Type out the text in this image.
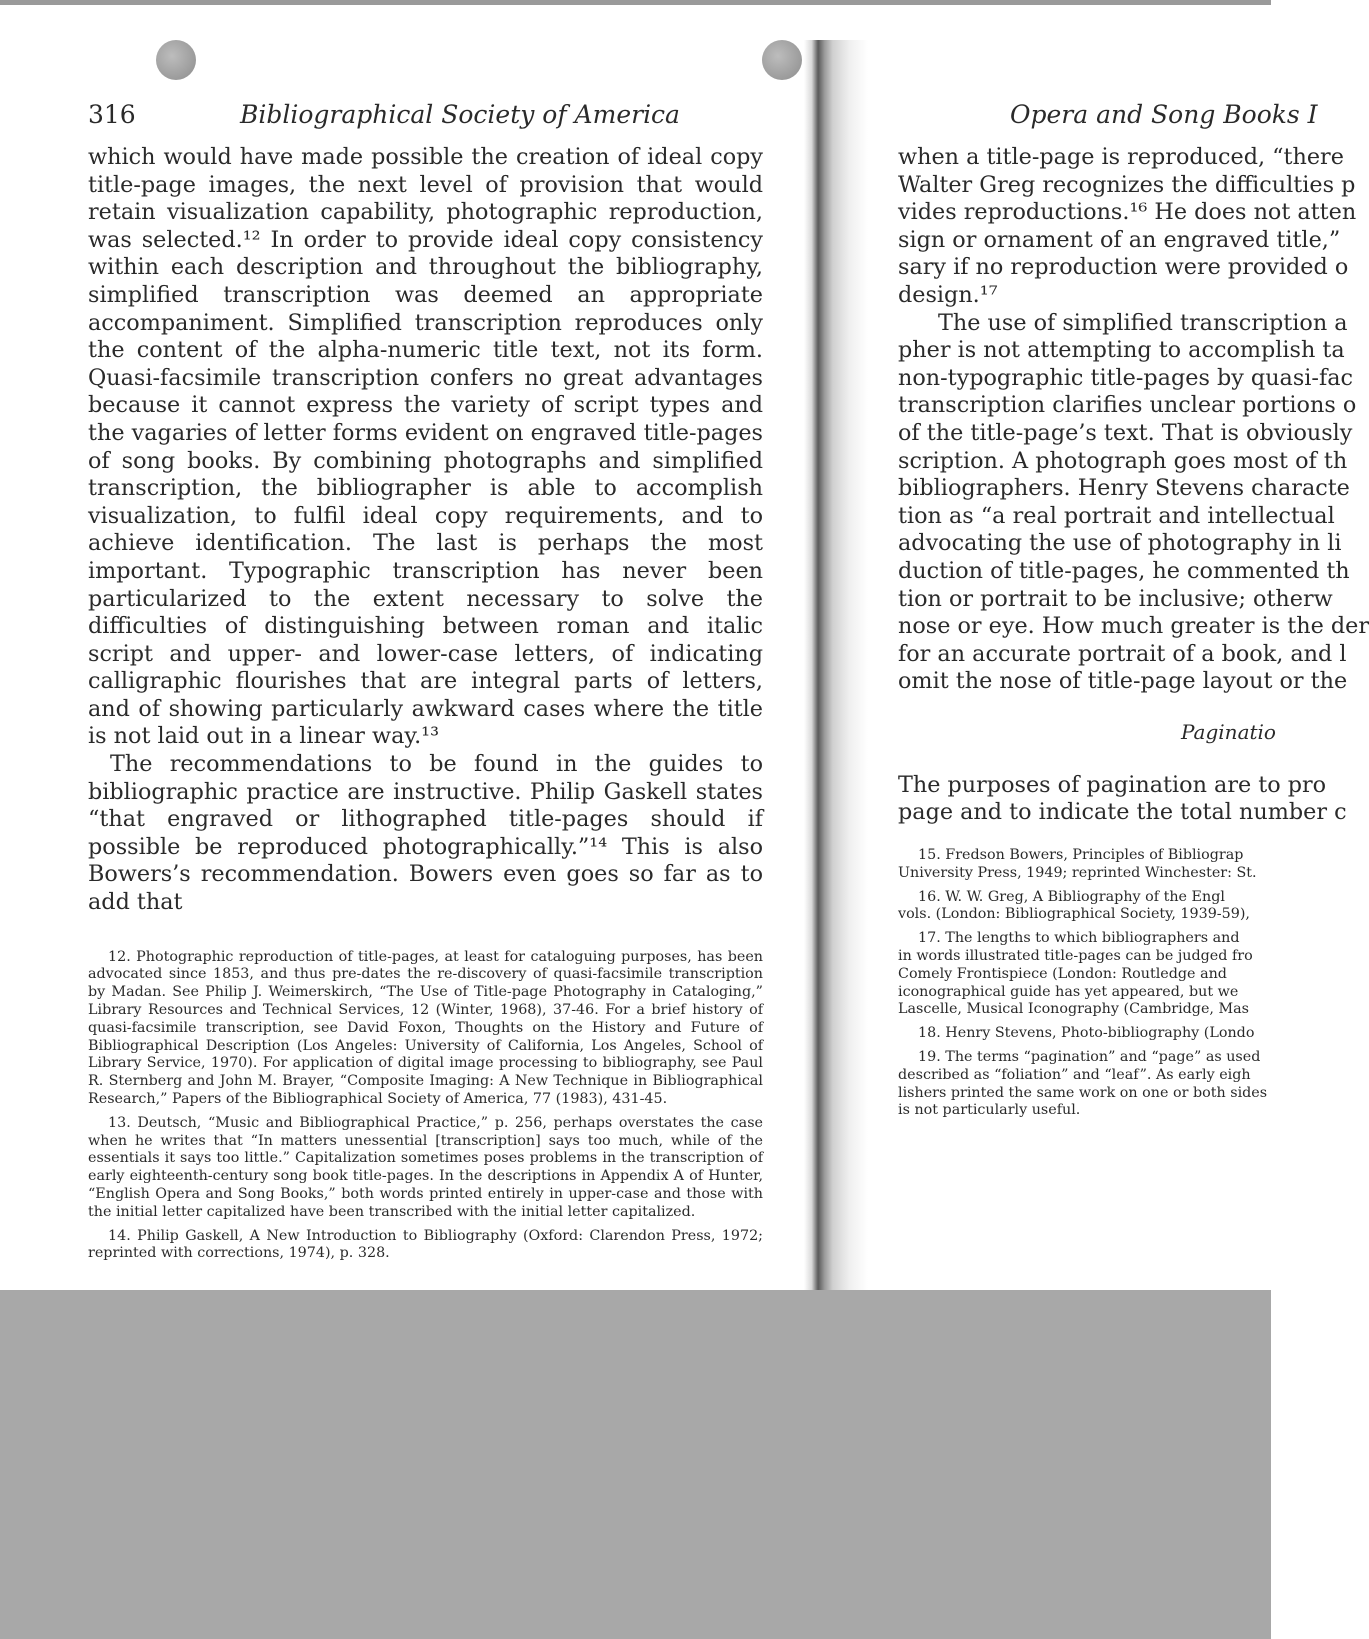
316	Bibliographical Society of America

which would have made possible the creation of ideal copy title-page images, the next level of provision that would retain visualization capability, photographic reproduction, was selected.¹² In order to provide ideal copy consistency within each description and throughout the bibliography, simplified transcription was deemed an appropriate accompaniment. Simplified transcription reproduces only the content of the alpha-numeric title text, not its form. Quasi-facsimile transcription confers no great advantages because it cannot express the variety of script types and the vagaries of letter forms evident on engraved title-pages of song books. By combining photographs and simplified transcription, the bibliographer is able to accomplish visualization, to fulfil ideal copy requirements, and to achieve identification. The last is perhaps the most important. Typographic transcription has never been particularized to the extent necessary to solve the difficulties of distinguishing between roman and italic script and upper- and lower-case letters, of indicating calligraphic flourishes that are integral parts of letters, and of showing particularly awkward cases where the title is not laid out in a linear way.¹³

The recommendations to be found in the guides to bibliographic practice are instructive. Philip Gaskell states “that engraved or lithographed title-pages should if possible be reproduced photographically.”¹⁴ This is also Bowers’s recommendation. Bowers even goes so far as to add that

12. Photographic reproduction of title-pages, at least for cataloguing purposes, has been advocated since 1853, and thus pre-dates the re-discovery of quasi-facsimile transcription by Madan. See Philip J. Weimerskirch, “The Use of Title-page Photography in Cataloging,” Library Resources and Technical Services, 12 (Winter, 1968), 37-46. For a brief history of quasi-facsimile transcription, see David Foxon, Thoughts on the History and Future of Bibliographical Description (Los Angeles: University of California, Los Angeles, School of Library Service, 1970). For application of digital image processing to bibliography, see Paul R. Sternberg and John M. Brayer, “Composite Imaging: A New Technique in Bibliographical Research,” Papers of the Bibliographical Society of America, 77 (1983), 431-45.

13. Deutsch, “Music and Bibliographical Practice,” p. 256, perhaps overstates the case when he writes that “In matters unessential [transcription] says too much, while of the essentials it says too little.” Capitalization sometimes poses problems in the transcription of early eighteenth-century song book title-pages. In the descriptions in Appendix A of Hunter, “English Opera and Song Books,” both words printed entirely in upper-case and those with the initial letter capitalized have been transcribed with the initial letter capitalized.

14. Philip Gaskell, A New Introduction to Bibliography (Oxford: Clarendon Press, 1972; reprinted with corrections, 1974), p. 328.

Opera and Song Books I
when a title-page is reproduced, “there
Walter Greg recognizes the difficulties p
vides reproductions.¹⁶ He does not atten
sign or ornament of an engraved title,”
sary if no reproduction were provided o
design.¹⁷
The use of simplified transcription a
pher is not attempting to accomplish ta
non-typographic title-pages by quasi-fac
transcription clarifies unclear portions o
of the title-page’s text. That is obviously
scription. A photograph goes most of th
bibliographers. Henry Stevens characte
tion as “a real portrait and intellectual
advocating the use of photography in li
duction of title-pages, he commented th
tion or portrait to be inclusive; otherw
nose or eye. How much greater is the der
for an accurate portrait of a book, and l
omit the nose of title-page layout or the
Paginatio
The purposes of pagination are to pro
page and to indicate the total number c
15. Fredson Bowers, Principles of Bibliograp
University Press, 1949; reprinted Winchester: St.
16. W. W. Greg, A Bibliography of the Engl
vols. (London: Bibliographical Society, 1939-59),
17. The lengths to which bibliographers and
in words illustrated title-pages can be judged fro
Comely Frontispiece (London: Routledge and
iconographical guide has yet appeared, but we
Lascelle, Musical Iconography (Cambridge, Mas
18. Henry Stevens, Photo-bibliography (Londo
19. The terms “pagination” and “page” as used
described as “foliation” and “leaf”. As early eigh
lishers printed the same work on one or both sides
is not particularly useful.
